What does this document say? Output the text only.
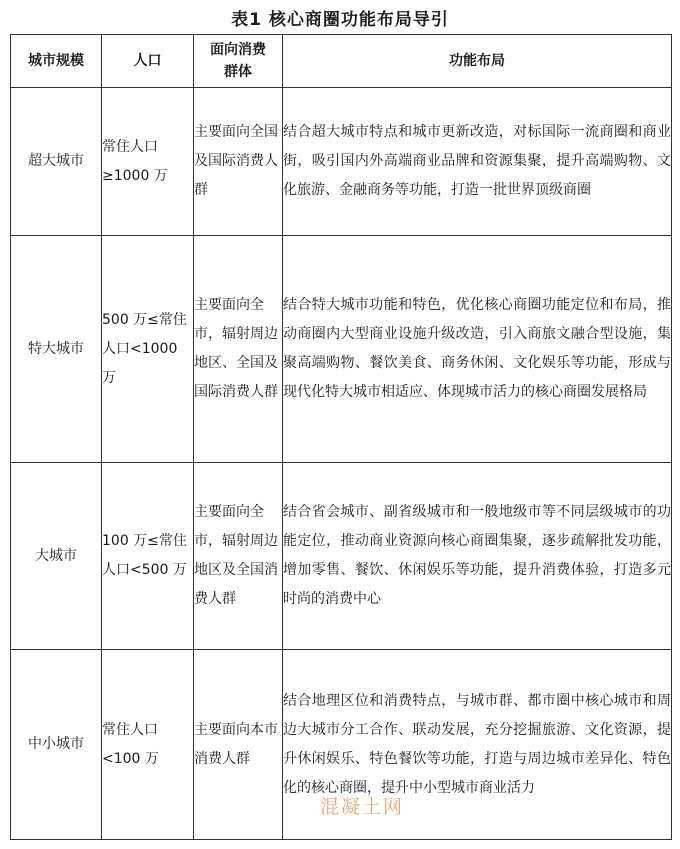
表1 核心商圈功能布局导引
城市规模	人口	面向消费群体	功能布局
超大城市	常住人口≥1000 万	主要面向全国及国际消费人群	结合超大城市特点和城市更新改造，对标国际一流商圈和商业街，吸引国内外高端商业品牌和资源集聚，提升高端购物、文化旅游、金融商务等功能，打造一批世界顶级商圈
特大城市	500 万≤常住人口<1000 万	主要面向全市，辐射周边地区、全国及国际消费人群	结合特大城市功能和特色，优化核心商圈功能定位和布局，推动商圈内大型商业设施升级改造，引入商旅文融合型设施，集聚高端购物、餐饮美食、商务休闲、文化娱乐等功能，形成与现代化特大城市相适应、体现城市活力的核心商圈发展格局
大城市	100 万≤常住人口<500 万	主要面向全市，辐射周边地区及全国消费人群	结合省会城市、副省级城市和一般地级市等不同层级城市的功能定位，推动商业资源向核心商圈集聚，逐步疏解批发功能，增加零售、餐饮、休闲娱乐等功能，提升消费体验，打造多元时尚的消费中心
中小城市	常住人口<100 万	主要面向本市消费人群	结合地理区位和消费特点，与城市群、都市圈中核心城市和周边大城市分工合作、联动发展，充分挖掘旅游、文化资源，提升休闲娱乐、特色餐饮等功能，打造与周边城市差异化、特色化的核心商圈，提升中小型城市商业活力
混凝土网
